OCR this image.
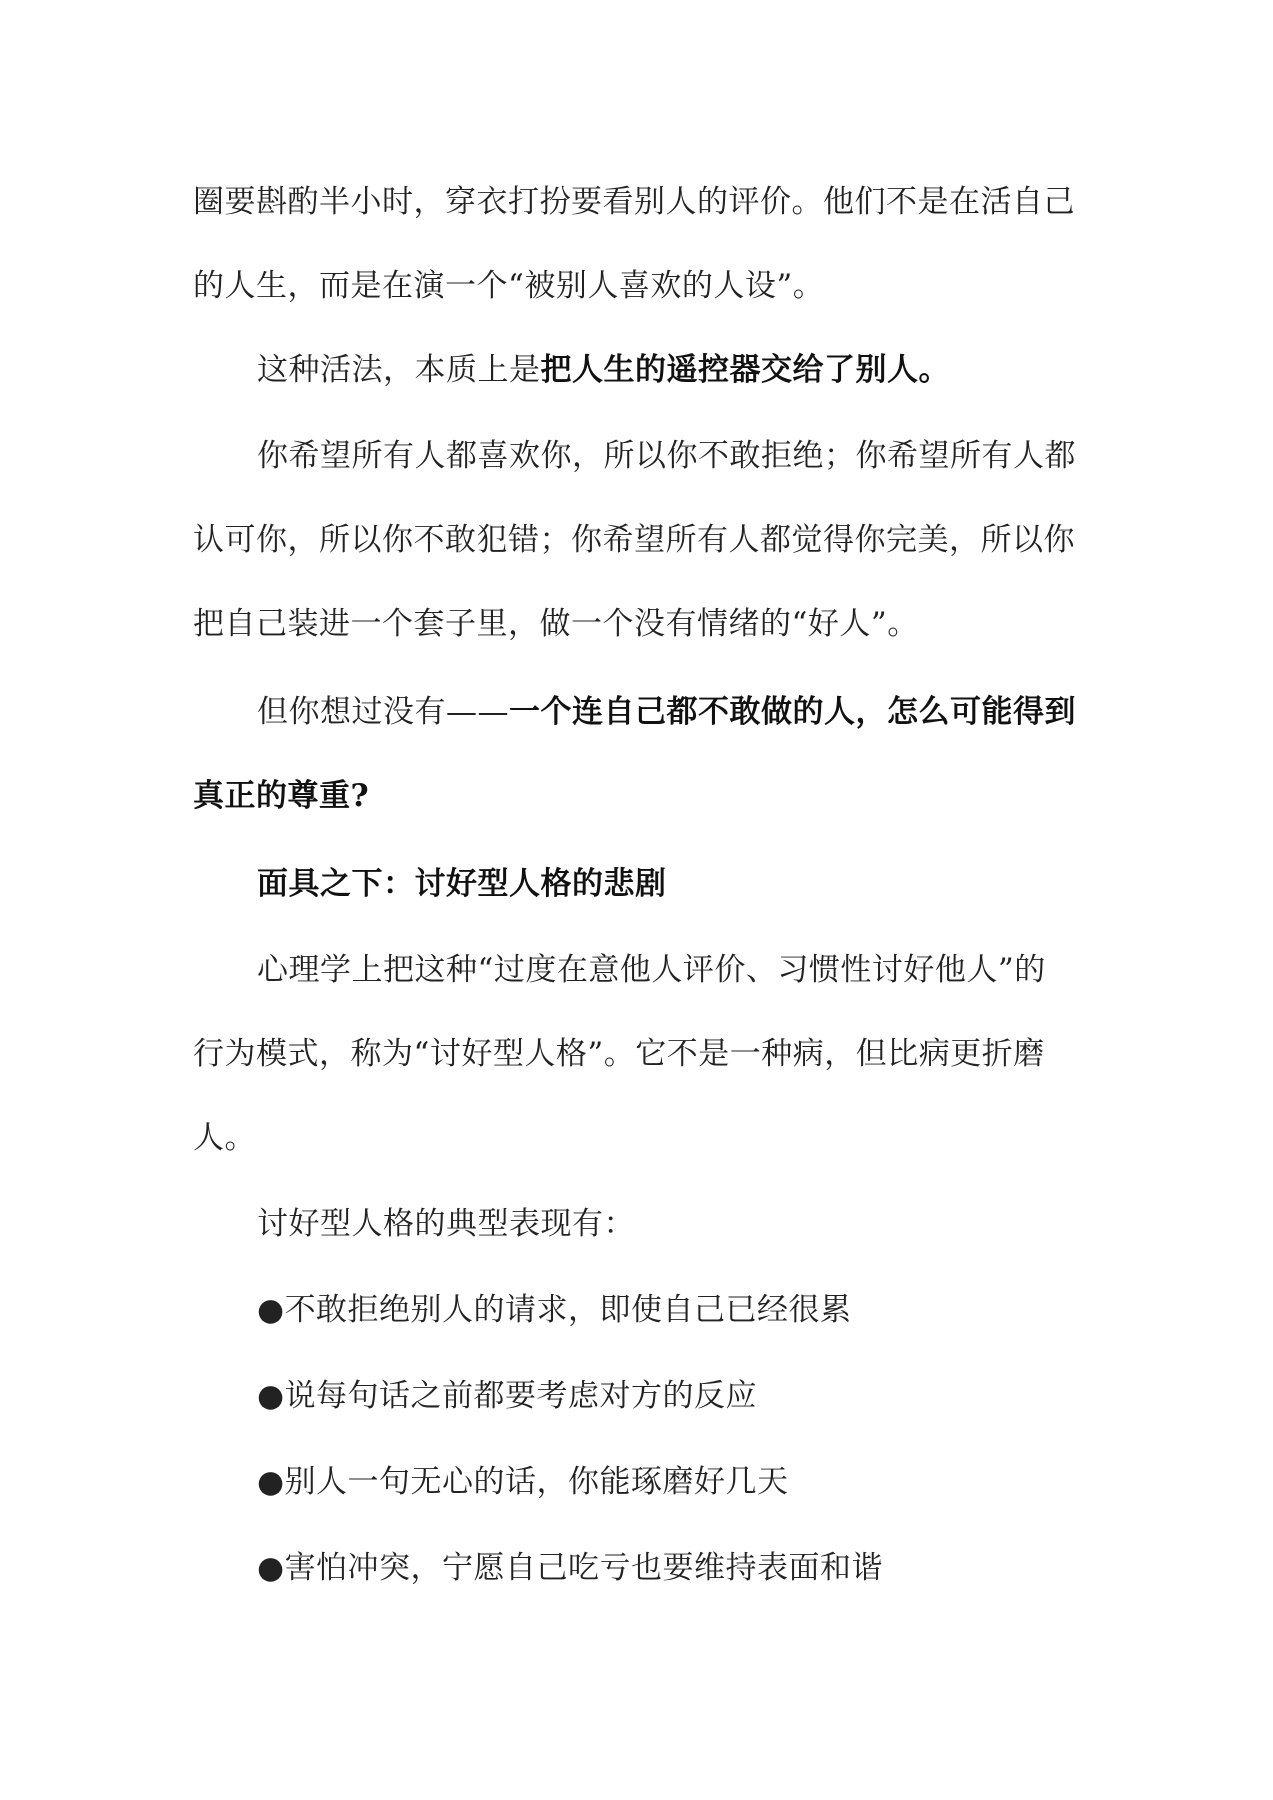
圈要斟酌半小时，穿衣打扮要看别人的评价。他们不是在活自己
的人生，而是在演一个“被别人喜欢的人设”。
这种活法，本质上是把人生的遥控器交给了别人。
你希望所有人都喜欢你，所以你不敢拒绝；你希望所有人都
认可你，所以你不敢犯错；你希望所有人都觉得你完美，所以你
把自己装进一个套子里，做一个没有情绪的“好人”。
但你想过没有——一个连自己都不敢做的人，怎么可能得到
真正的尊重?
面具之下：讨好型人格的悲剧
心理学上把这种“过度在意他人评价、习惯性讨好他人”的
行为模式，称为“讨好型人格”。它不是一种病，但比病更折磨
人。
讨好型人格的典型表现有：
●不敢拒绝别人的请求，即使自己已经很累
●说每句话之前都要考虑对方的反应
●别人一句无心的话，你能琢磨好几天
●害怕冲突，宁愿自己吃亏也要维持表面和谐
